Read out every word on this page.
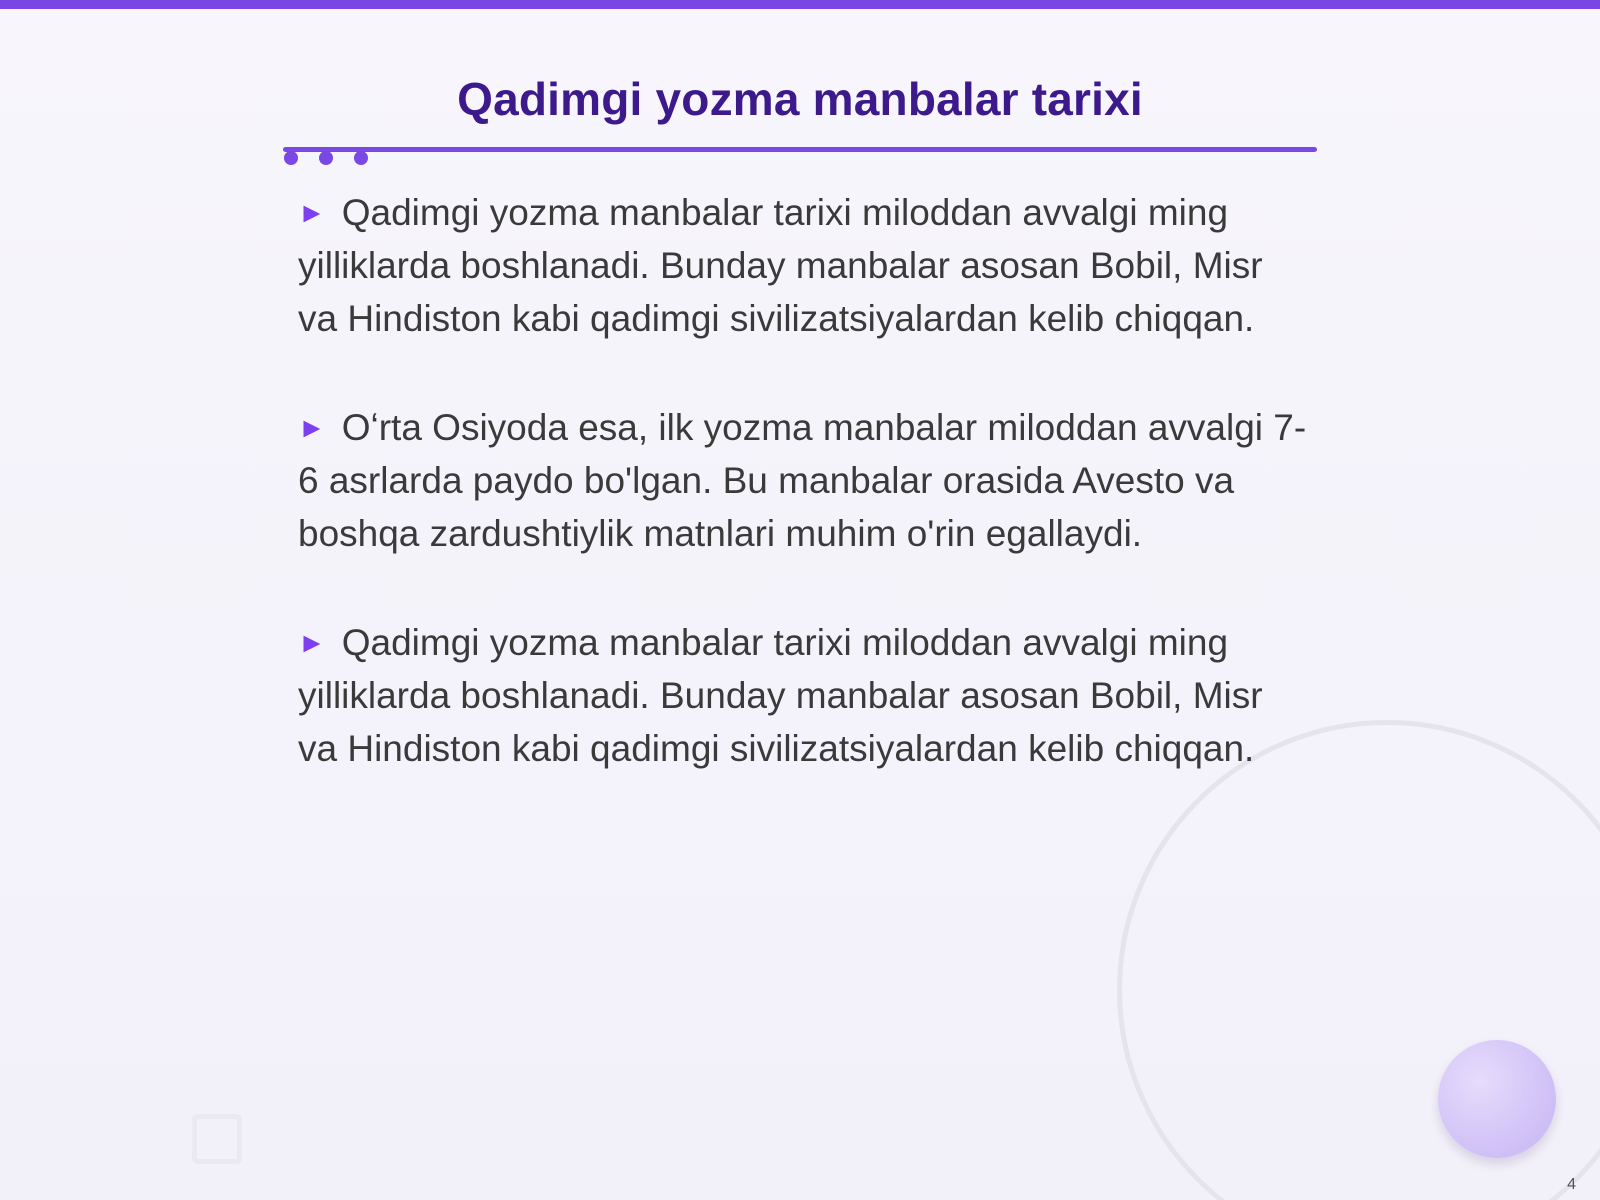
Qadimgi yozma manbalar tarixi

► Qadimgi yozma manbalar tarixi miloddan avvalgi ming yilliklarda boshlanadi. Bunday manbalar asosan Bobil, Misr va Hindiston kabi qadimgi sivilizatsiyalardan kelib chiqqan.

► Oʻrta Osiyoda esa, ilk yozma manbalar miloddan avvalgi 7-6 asrlarda paydo bo'lgan. Bu manbalar orasida Avesto va boshqa zardushtiylik matnlari muhim o'rin egallaydi.

► Qadimgi yozma manbalar tarixi miloddan avvalgi ming yilliklarda boshlanadi. Bunday manbalar asosan Bobil, Misr va Hindiston kabi qadimgi sivilizatsiyalardan kelib chiqqan.

4
